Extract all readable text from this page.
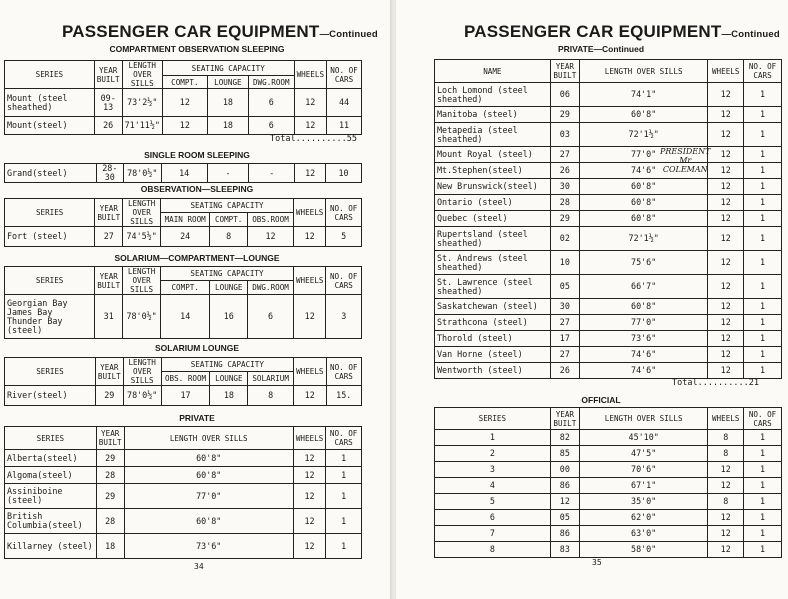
PASSENGER CAR EQUIPMENT—Continued
COMPARTMENT OBSERVATION SLEEPING
SERIES	YEAR BUILT	LENGTH OVER SILLS	SEATING CAPACITY			WHEELS	NO. OF CARS
			COMPT.	LOUNGE	DWG.ROOM		
Mount (steel sheathed)	09-13	73'2½"	12	18	6	12	44
Mount(steel)	26	71'11½"	12	18	6	12	11
Total..........55
SINGLE ROOM SLEEPING
Grand(steel)	28-30	78'0½"	14	-	-	12	10
OBSERVATION—SLEEPING
SERIES	YEAR BUILT	LENGTH OVER SILLS	SEATING CAPACITY			WHEELS	NO. OF CARS
			MAIN ROOM	COMPT.	OBS.ROOM		
Fort (steel)	27	74'5½"	24	8	12	12	5
SOLARIUM—COMPARTMENT—LOUNGE
SERIES	YEAR BUILT	LENGTH OVER SILLS	SEATING CAPACITY			WHEELS	NO. OF CARS
			COMPT.	LOUNGE	DWG.ROOM		
Georgian Bay James Bay Thunder Bay (steel)	31	78'0½"	14	16	6	12	3
SOLARIUM LOUNGE
SERIES	YEAR BUILT	LENGTH OVER SILLS	SEATING CAPACITY			WHEELS	NO. OF CARS
			OBS. ROOM	LOUNGE	SOLARIUM		
River(steel)	29	78'0½"	17	18	8	12	15.
PRIVATE
SERIES	YEAR BUILT	LENGTH OVER SILLS	WHEELS	NO. OF CARS
Alberta(steel)	29	60'8"	12	1
Algoma(steel)	28	60'8"	12	1
Assiniboine (steel)	29	77'0"	12	1
British Columbia(steel)	28	60'8"	12	1
Killarney (steel)	18	73'6"	12	1
34
PASSENGER CAR EQUIPMENT—Continued
PRIVATE—Continued
NAME	YEAR BUILT	LENGTH OVER SILLS	WHEELS	NO. OF CARS
Loch Lomond (steel sheathed)	06	74'1"	12	1
Manitoba (steel)	29	60'8"	12	1
Metapedia (steel sheathed)	03	72'1½"	12	1
Mount Royal (steel)	27	77'0" PRESIDENT Mr COLEMAN	12	1
Mt.Stephen(steel)	26	74'6"	12	1
New Brunswick(steel)	30	60'8"	12	1
Ontario (steel)	28	60'8"	12	1
Quebec (steel)	29	60'8"	12	1
Rupertsland (steel sheathed)	02	72'1½"	12	1
St. Andrews (steel sheathed)	10	75'6"	12	1
St. Lawrence (steel sheathed)	05	66'7"	12	1
Saskatchewan (steel)	30	60'8"	12	1
Strathcona (steel)	27	77'0"	12	1
Thorold (steel)	17	73'6"	12	1
Van Horne (steel)	27	74'6"	12	1
Wentworth (steel)	26	74'6"	12	1
Total..........21
OFFICIAL
SERIES	YEAR BUILT	LENGTH OVER SILLS	WHEELS	NO. OF CARS
1	82	45'10"	8	1
2	85	47'5"	8	1
3	00	70'6"	12	1
4	86	67'1"	12	1
5	12	35'0"	8	1
6	05	62'0"	12	1
7	86	63'0"	12	1
8	83	58'0"	12	1
35
